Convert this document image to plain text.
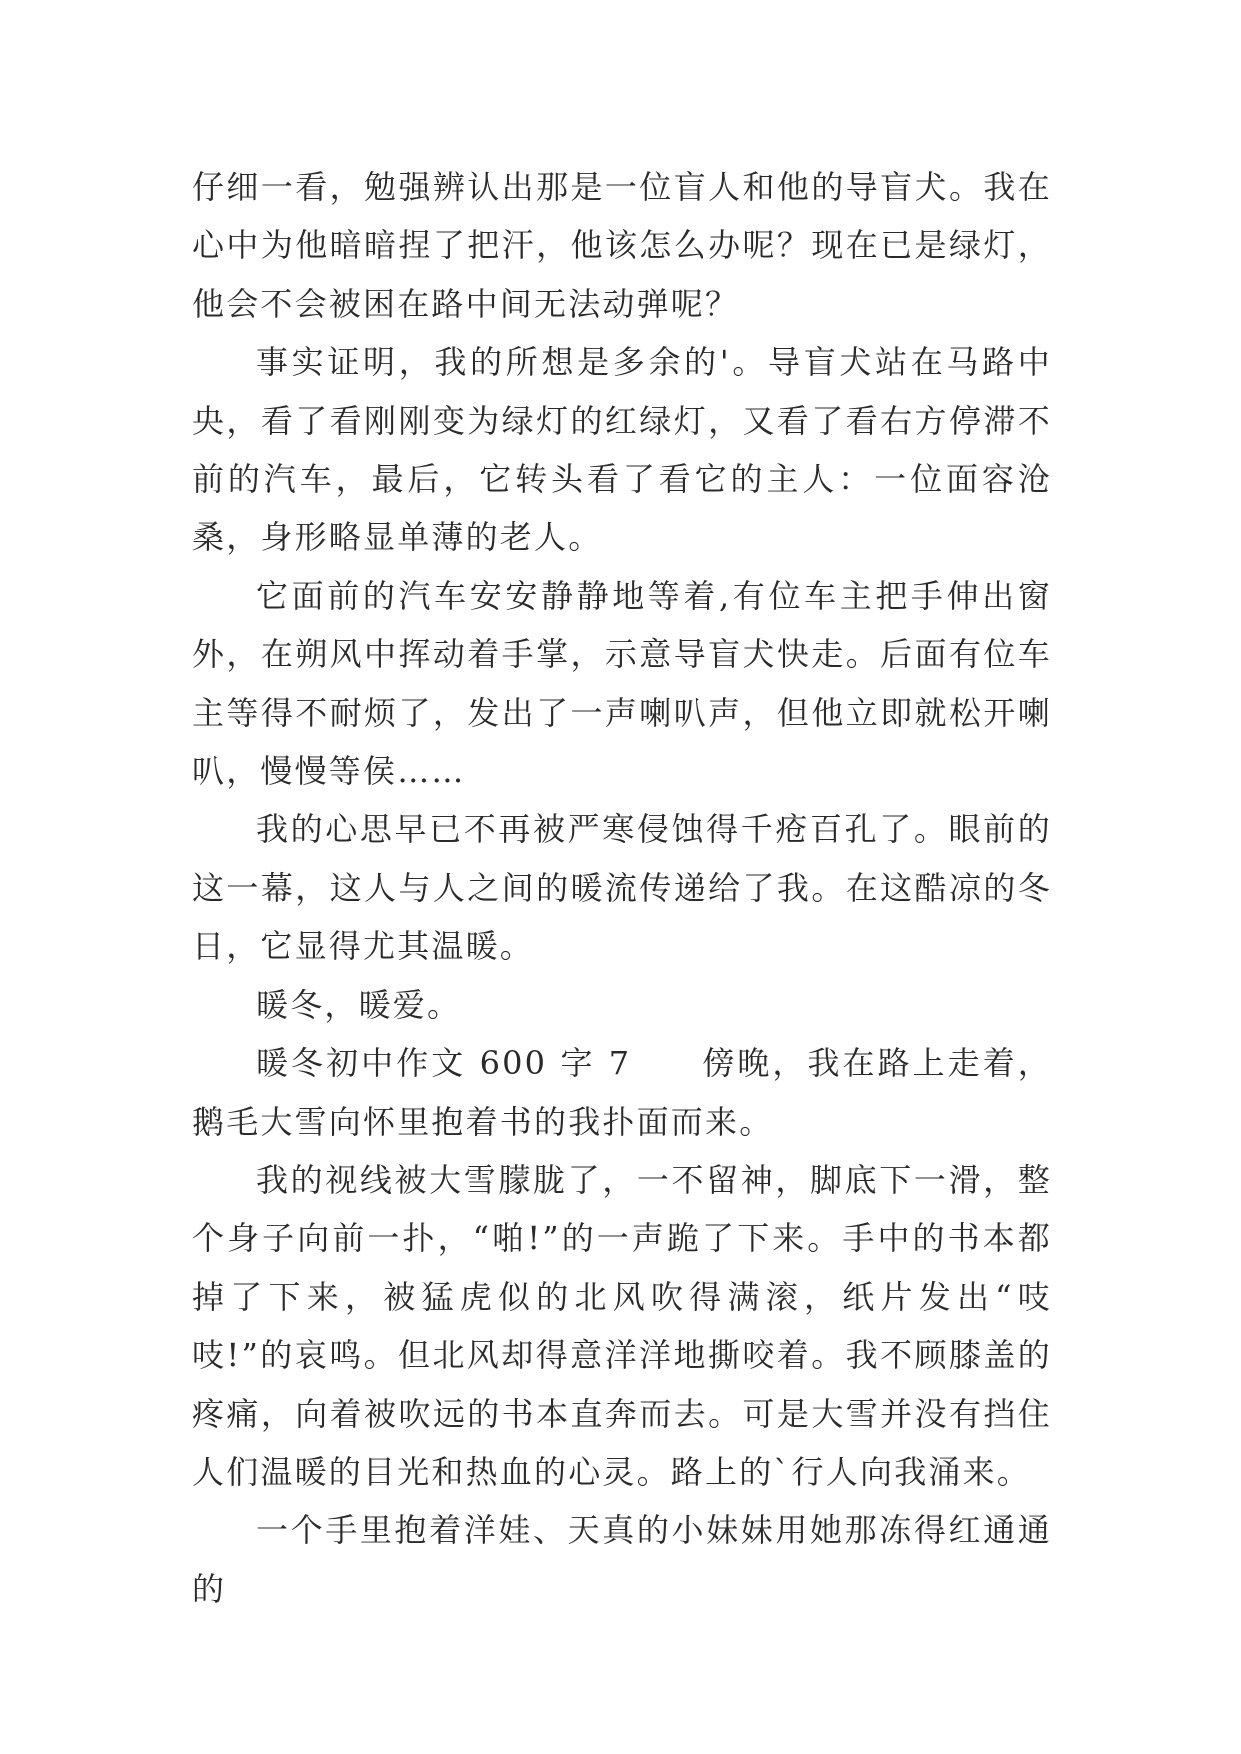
仔细一看，勉强辨认出那是一位盲人和他的导盲犬。我在心中为他暗暗捏了把汗，他该怎么办呢？现在已是绿灯，他会不会被困在路中间无法动弹呢？

事实证明，我的所想是多余的'。导盲犬站在马路中央，看了看刚刚变为绿灯的红绿灯，又看了看右方停滞不前的汽车，最后，它转头看了看它的主人：一位面容沧桑，身形略显单薄的老人。

它面前的汽车安安静静地等着,有位车主把手伸出窗外，在朔风中挥动着手掌，示意导盲犬快走。后面有位车主等得不耐烦了，发出了一声喇叭声，但他立即就松开喇叭，慢慢等侯……

我的心思早已不再被严寒侵蚀得千疮百孔了。眼前的这一幕，这人与人之间的暖流传递给了我。在这酷凉的冬日，它显得尤其温暖。

暖冬，暖爱。

暖冬初中作文 600 字 7　　傍晚，我在路上走着，鹅毛大雪向怀里抱着书的我扑面而来。

我的视线被大雪朦胧了，一不留神，脚底下一滑，整个身子向前一扑，“啪!”的一声跪了下来。手中的书本都掉了下来，被猛虎似的北风吹得满滚，纸片发出“吱吱!”的哀鸣。但北风却得意洋洋地撕咬着。我不顾膝盖的疼痛，向着被吹远的书本直奔而去。可是大雪并没有挡住人们温暖的目光和热血的心灵。路上的`行人向我涌来。

一个手里抱着洋娃、天真的小妹妹用她那冻得红通通的
